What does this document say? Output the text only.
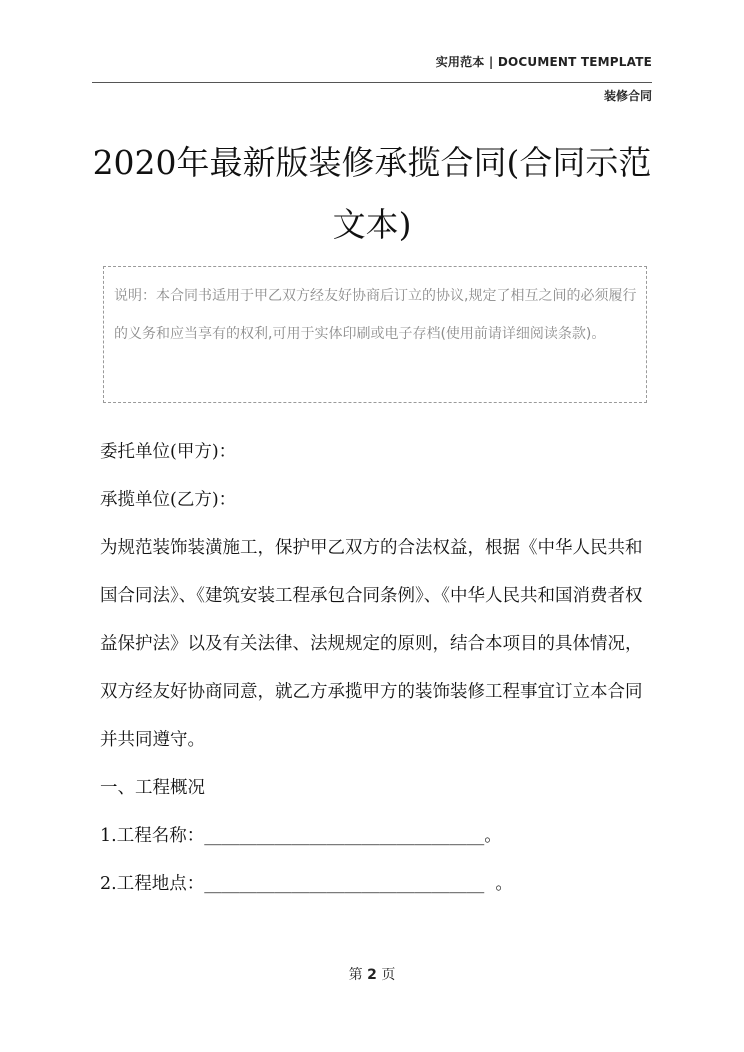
实用范本 | DOCUMENT TEMPLATE
装修合同
2020年最新版装修承揽合同(合同示范文本)
说明：本合同书适用于甲乙双方经友好协商后订立的协议,规定了相互之间的必须履行的义务和应当享有的权利,可用于实体印刷或电子存档(使用前请详细阅读条款)。

委托单位(甲方)：

承揽单位(乙方)：

为规范装饰装潢施工，保护甲乙双方的合法权益，根据《中华人民共和国合同法》、《建筑安装工程承包合同条例》、《中华人民共和国消费者权益保护法》以及有关法律、法规规定的原则，结合本项目的具体情况，双方经友好协商同意，就乙方承揽甲方的装饰装修工程事宜订立本合同并共同遵守。

一、工程概况

1.工程名称：________________________________。

2.工程地点：________________________________  。

第 2 页
